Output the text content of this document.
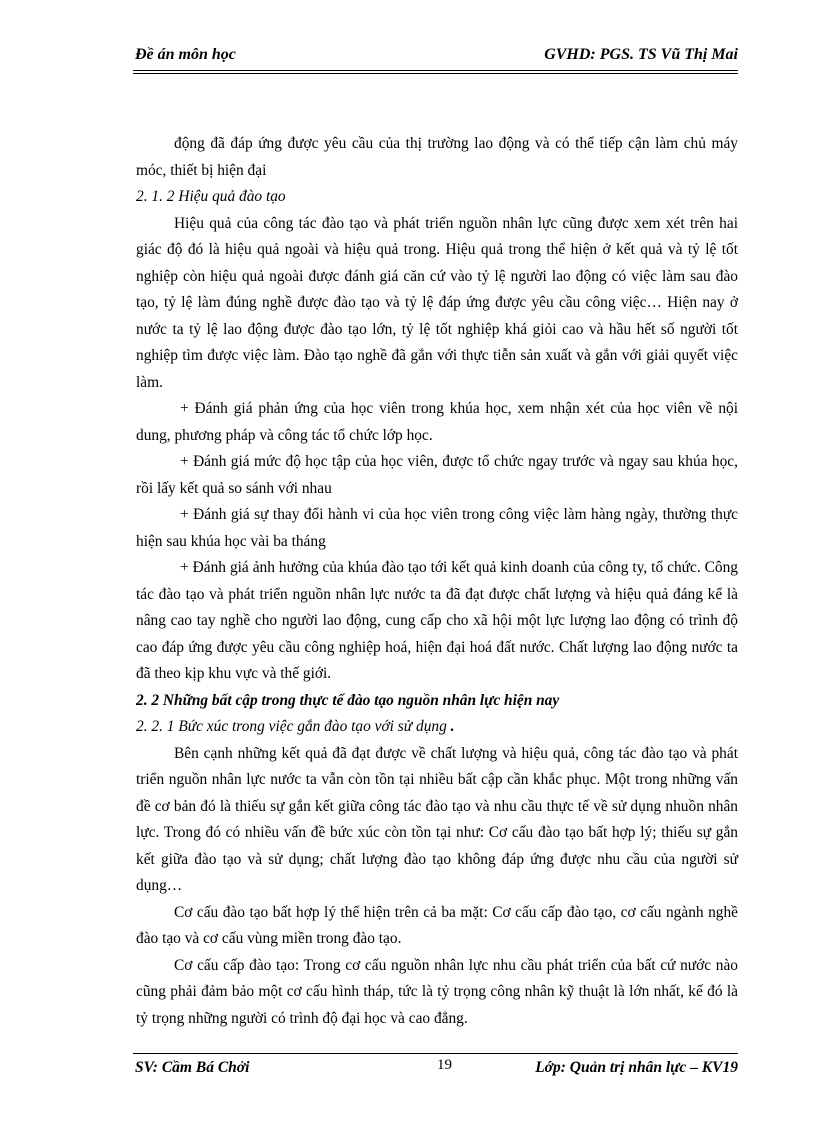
Đề án môn học	GVHD: PGS. TS Vũ Thị Mai

động đã đáp ứng được yêu cầu của thị trường lao động và có thể tiếp cận làm chủ máy móc, thiết bị hiện đại

2. 1. 2 Hiệu quả đào tạo

Hiệu quả của công tác đào tạo và phát triển nguồn nhân lực cũng được xem xét trên hai giác độ đó là hiệu quả ngoài và hiệu quả trong. Hiệu quả trong thể hiện ở kết quả và tỷ lệ tốt nghiệp còn hiệu quả ngoài được đánh giá căn cứ vào tỷ lệ người lao động có việc làm sau đào tạo, tỷ lệ làm đúng nghề được đào tạo và tỷ lệ đáp ứng được yêu cầu công việc… Hiện nay ở nước ta tỷ lệ lao động được đào tạo lớn, tỷ lệ tốt nghiệp khá giỏi cao và hầu hết số người tốt nghiệp tìm được việc làm. Đào tạo nghề đã gắn với thực tiễn sản xuất và gắn với giải quyết việc làm.

+ Đánh giá phản ứng của học viên trong khúa học, xem nhận xét của học viên về nội dung, phương pháp và công tác tổ chức lớp học.

+ Đánh giá mức độ học tập của học viên, được tổ chức ngay trước và ngay sau khúa học, rồi lấy kết quả so sánh với nhau

+ Đánh giá sự thay đổi hành vi của học viên trong công việc làm hàng ngày, thường thực hiện sau khúa học vài ba tháng

+ Đánh giá ảnh hưởng của khúa đào tạo tới kết quả kinh doanh của công ty, tổ chức. Công tác đào tạo và phát triển nguồn nhân lực nước ta đã đạt được chất lượng và hiệu quả đáng kể là nâng cao tay nghề cho người lao động, cung cấp cho xã hội một lực lượng lao động có trình độ cao đáp ứng được yêu cầu công nghiệp hoá, hiện đại hoá đất nước. Chất lượng lao động nước ta đã theo kịp khu vực và thế giới.

2. 2 Những bất cập trong thực tế đào tạo nguồn nhân lực hiện nay

2. 2. 1 Bức xúc trong việc gắn đào tạo với sử dụng .

Bên cạnh những kết quả đã đạt được về chất lượng và hiệu quả, công tác đào tạo và phát triển nguồn nhân lực nước ta vẫn còn tồn tại nhiều bất cập cần khắc phục. Một trong những vấn đề cơ bản đó là thiếu sự gắn kết giữa công tác đào tạo và nhu cầu thực tế về sử dụng nhuồn nhân lực. Trong đó có nhiều vấn đề bức xúc còn tồn tại như: Cơ cấu đào tạo bất hợp lý; thiếu sự gắn kết giữa đào tạo và sử dụng; chất lượng đào tạo không đáp ứng được nhu cầu của người sử dụng…

Cơ cấu đào tạo bất hợp lý thể hiện trên cả ba mặt: Cơ cấu cấp đào tạo, cơ cấu ngành nghề đào tạo và cơ cấu vùng miền trong đào tạo.

Cơ cấu cấp đào tạo: Trong cơ cấu nguồn nhân lực nhu cầu phát triển của bất cứ nước nào cũng phải đảm bảo một cơ cấu hình tháp, tức là tỷ trọng công nhân kỹ thuật là lớn nhất, kế đó là tỷ trọng những người có trình độ đại học và cao đẳng.

SV: Cầm Bá Chởi	19	Lớp: Quản trị nhân lực – KV19
